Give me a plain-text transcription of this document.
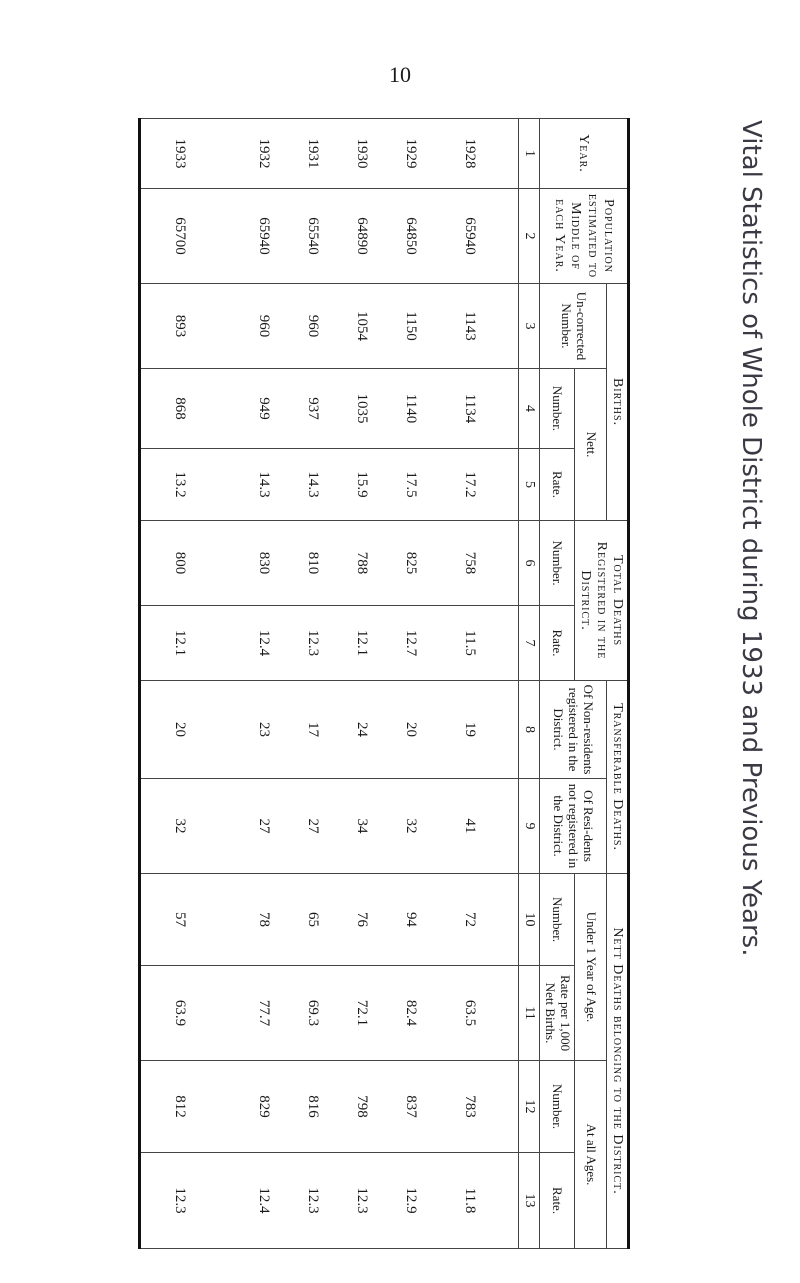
10
Vital Statistics of Whole District during 1933 and Previous Years.
Year.	Population estimated to Middle of each Year.	Births.			Total Deaths Registered in the District.		Transferable Deaths.		Nett Deaths belonging to the District.			
		Un-corrected Number.	Nett.				Of Non-residents registered in the District.	Of Resi-dents not registered in the District.	Under 1 Year of Age.		At all Ages.	
			Number.	Rate.	Number.	Rate.			Number.	Rate per 1,000 Nett Births.	Number.	Rate.
1	2	3	4	5	6	7	8	9	10	11	12	13
1928	65940	1143	1134	17.2	758	11.5	19	41	72	63.5	783	11.8
1929	64850	1150	1140	17.5	825	12.7	20	32	94	82.4	837	12.9
1930	64890	1054	1035	15.9	788	12.1	24	34	76	72.1	798	12.3
1931	65540	960	937	14.3	810	12.3	17	27	65	69.3	816	12.3
1932	65940	960	949	14.3	830	12.4	23	27	78	77.7	829	12.4
1933	65700	893	868	13.2	800	12.1	20	32	57	63.9	812	12.3
